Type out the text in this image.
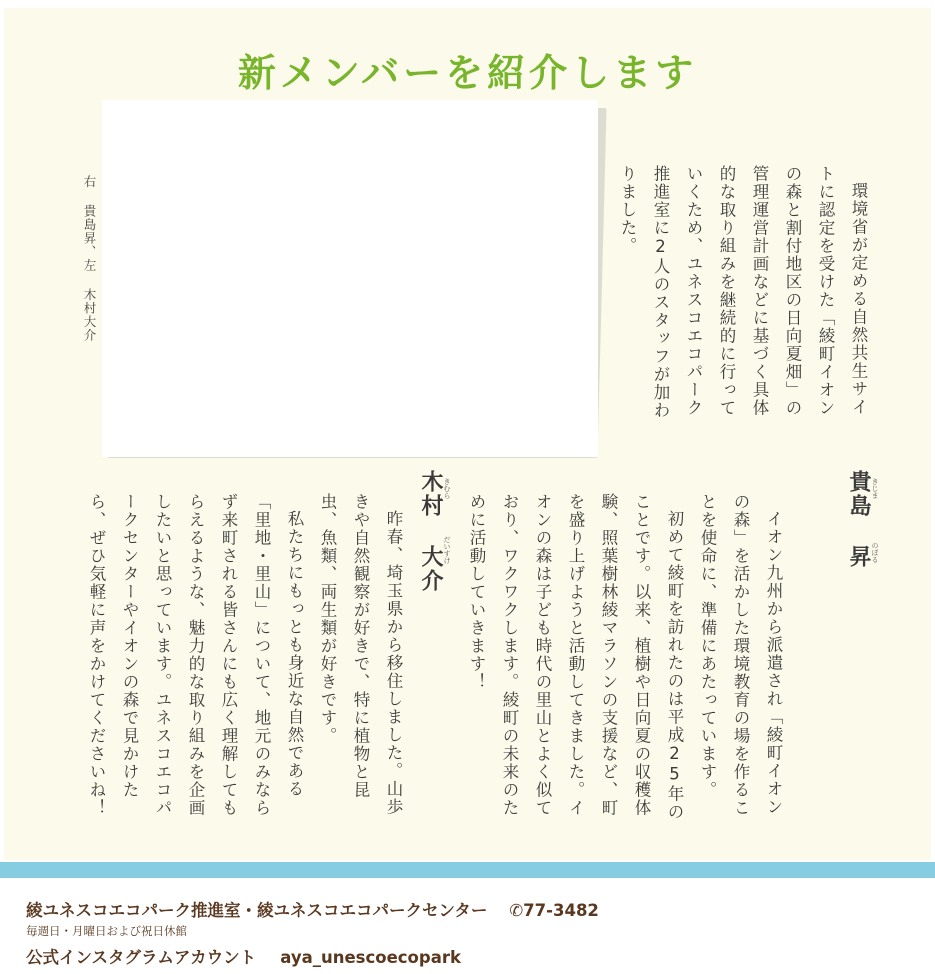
新メンバーを紹介します
右 貴島昇、左 木村大介	環境省が定める自然共生サイトに認定を受けた「綾町イオンの森と割付地区の日向夏畑」の管理運営計画などに基づく具体的な取り組みを継続的に行っていくため、ユネスコエコパーク推進室に2人のスタッフが加わりました。

貴島 昇 きじま
のぼる

イオン九州から派遣され「綾町イオンの森」を活かした環境教育の場を作ることを使命に、準備にあたっています。

初めて綾町を訪れたのは平成25年のことです。以来、植樹や日向夏の収穫体験、照葉樹林綾マラソンの支援など、町を盛り上げようと活動してきました。イオンの森は子ども時代の里山とよく似ており、ワクワクします。綾町の未来のために活動していきます！

木村 大介 きむら
だいすけ

昨春、埼玉県から移住しました。山歩きや自然観察が好きで、特に植物と昆虫、魚類、両生類が好きです。

私たちにもっとも身近な自然である「里地・里山」について、地元のみならず来町される皆さんにも広く理解してもらえるような、魅力的な取り組みを企画したいと思っています。ユネスコエコパークセンターやイオンの森で見かけたら、ぜひ気軽に声をかけてくださいね！

綾ユネスコエコパーク推進室・綾ユネスコエコパークセンター ✆77-3482
毎週日・月曜日および祝日休館
公式インスタグラムアカウント aya_unescoecopark
